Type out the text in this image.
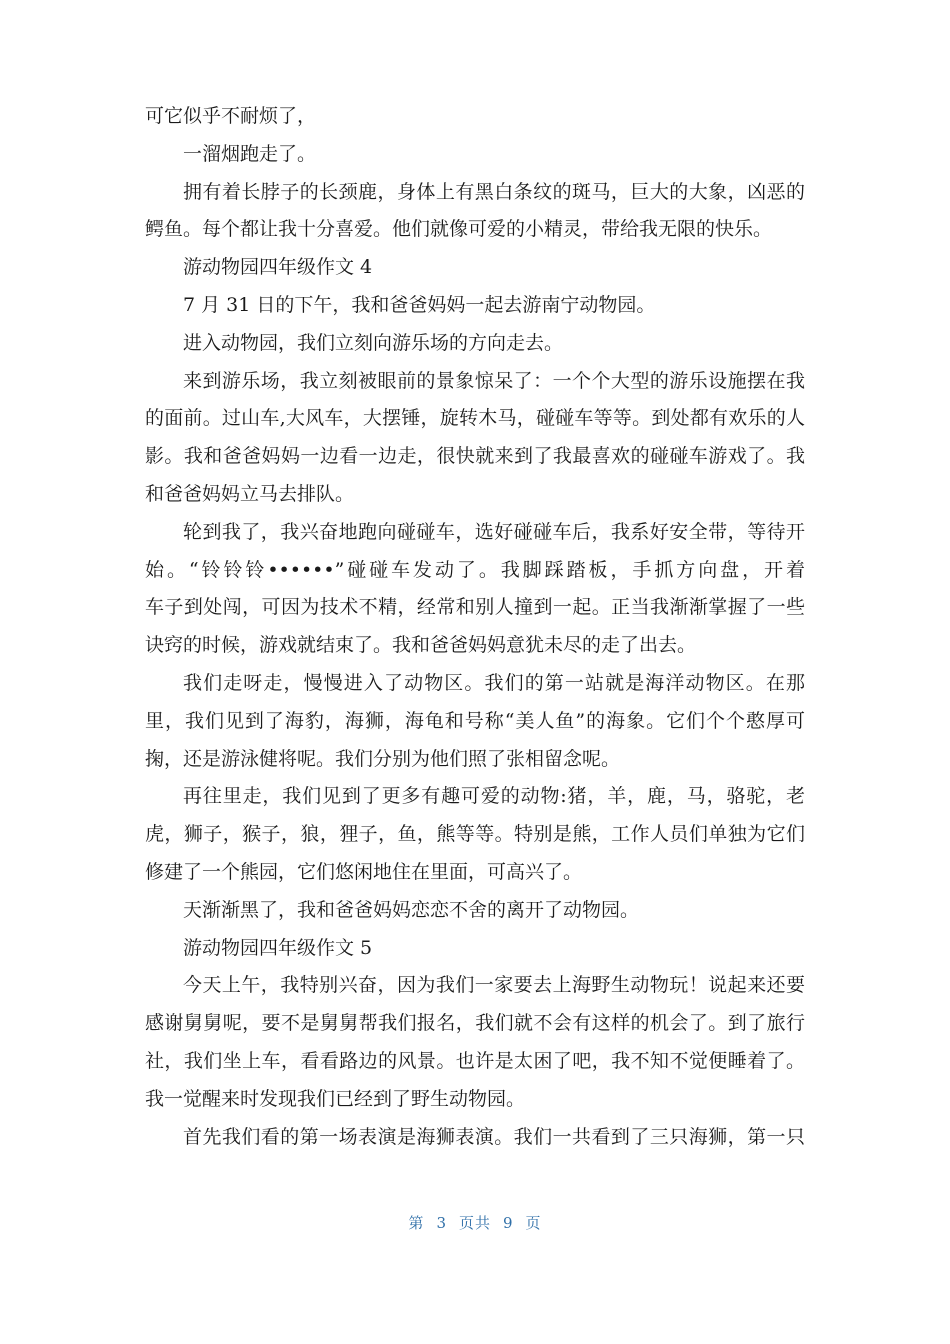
可它似乎不耐烦了，
一溜烟跑走了。
拥有着长脖子的长颈鹿，身体上有黑白条纹的斑马，巨大的大象，凶恶的
鳄鱼。每个都让我十分喜爱。他们就像可爱的小精灵，带给我无限的快乐。
游动物园四年级作文 4
7 月 31 日的下午，我和爸爸妈妈一起去游南宁动物园。
进入动物园，我们立刻向游乐场的方向走去。
来到游乐场，我立刻被眼前的景象惊呆了：一个个大型的游乐设施摆在我
的面前。过山车,大风车，大摆锤，旋转木马，碰碰车等等。到处都有欢乐的人
影。我和爸爸妈妈一边看一边走，很快就来到了我最喜欢的碰碰车游戏了。我
和爸爸妈妈立马去排队。
轮到我了，我兴奋地跑向碰碰车，选好碰碰车后，我系好安全带，等待开
始。“铃铃铃••••••”碰碰车发动了。我脚踩踏板，手抓方向盘，开着
车子到处闯，可因为技术不精，经常和别人撞到一起。正当我渐渐掌握了一些
诀窍的时候，游戏就结束了。我和爸爸妈妈意犹未尽的走了出去。
我们走呀走，慢慢进入了动物区。我们的第一站就是海洋动物区。在那
里，我们见到了海豹，海狮，海龟和号称“美人鱼”的海象。它们个个憨厚可
掬，还是游泳健将呢。我们分别为他们照了张相留念呢。
再往里走，我们见到了更多有趣可爱的动物:猪，羊，鹿，马，骆驼，老
虎，狮子，猴子，狼，狸子，鱼，熊等等。特别是熊，工作人员们单独为它们
修建了一个熊园，它们悠闲地住在里面，可高兴了。
天渐渐黑了，我和爸爸妈妈恋恋不舍的离开了动物园。
游动物园四年级作文 5
今天上午，我特别兴奋，因为我们一家要去上海野生动物玩！说起来还要
感谢舅舅呢，要不是舅舅帮我们报名，我们就不会有这样的机会了。到了旅行
社，我们坐上车，看看路边的风景。也许是太困了吧，我不知不觉便睡着了。
我一觉醒来时发现我们已经到了野生动物园。
首先我们看的第一场表演是海狮表演。我们一共看到了三只海狮，第一只
第 3 页共 9 页
